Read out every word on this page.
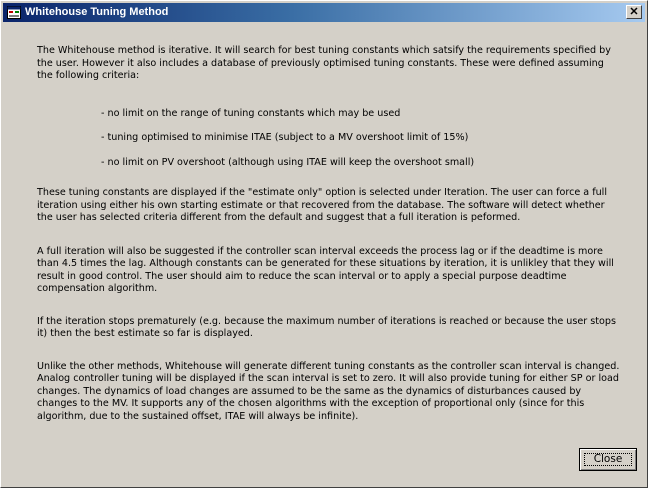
Whitehouse Tuning Method	✕

The Whitehouse method is iterative. It will search for best tuning constants which satsify the requirements specified by the user. However it also includes a database of previously optimised tuning constants. These were defined assuming the following criteria:

- no limit on the range of tuning constants which may be used

- tuning optimised to minimise ITAE (subject to a MV overshoot limit of 15%)

- no limit on PV overshoot (although using ITAE will keep the overshoot small)

These tuning constants are displayed if the "estimate only" option is selected under Iteration. The user can force a full iteration using either his own starting estimate or that recovered from the database. The software will detect whether the user has selected criteria different from the default and suggest that a full iteration is peformed.

A full iteration will also be suggested if the controller scan interval exceeds the process lag or if the deadtime is more than 4.5 times the lag. Although constants can be generated for these situations by iteration, it is unlikley that they will result in good control. The user should aim to reduce the scan interval or to apply a special purpose deadtime compensation algorithm.

If the iteration stops prematurely (e.g. because the maximum number of iterations is reached or because the user stops it) then the best estimate so far is displayed.

Unlike the other methods, Whitehouse will generate different tuning constants as the controller scan interval is changed. Analog controller tuning will be displayed if the scan interval is set to zero. It will also provide tuning for either SP or load changes. The dynamics of load changes are assumed to be the same as the dynamics of disturbances caused by changes to the MV. It supports any of the chosen algorithms with the exception of proportional only (since for this algorithm, due to the sustained offset, ITAE will always be infinite).

Close
